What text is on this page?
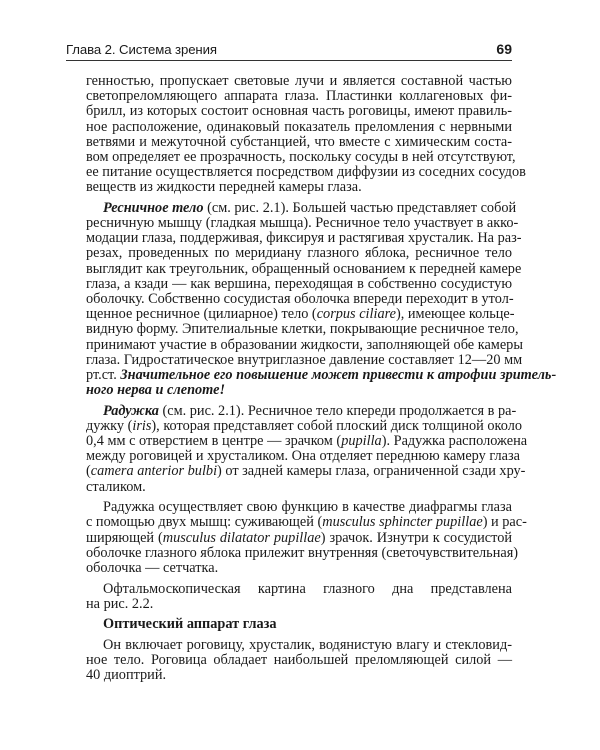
Глава 2. Система зрения	69
генностью, пропускает световые лучи и является составной частью
светопреломляющего аппарата глаза. Пластинки коллагеновых фи-
брилл, из которых состоит основная часть роговицы, имеют правиль-
ное расположение, одинаковый показатель преломления с нервными
ветвями и межуточной субстанцией, что вместе с химическим соста-
вом определяет ее прозрачность, поскольку сосуды в ней отсутствуют,
ее питание осуществляется посредством диффузии из соседних сосудов
веществ из жидкости передней камеры глаза.
Ресничное тело (см. рис. 2.1). Большей частью представляет собой
ресничную мышцу (гладкая мышца). Ресничное тело участвует в акко-
модации глаза, поддерживая, фиксируя и растягивая хрусталик. На раз-
резах, проведенных по меридиану глазного яблока, ресничное тело
выглядит как треугольник, обращенный основанием к передней камере
глаза, а кзади — как вершина, переходящая в собственно сосудистую
оболочку. Собственно сосудистая оболочка впереди переходит в утол-
щенное ресничное (цилиарное) тело (corpus ciliare), имеющее кольце-
видную форму. Эпителиальные клетки, покрывающие ресничное тело,
принимают участие в образовании жидкости, заполняющей обе камеры
глаза. Гидростатическое внутриглазное давление составляет 12—20 мм
рт.ст. Значительное его повышение может привести к атрофии зритель-
ного нерва и слепоте!
Радужка (см. рис. 2.1). Ресничное тело кпереди продолжается в ра-
дужку (iris), которая представляет собой плоский диск толщиной около
0,4 мм с отверстием в центре — зрачком (pupilla). Радужка расположена
между роговицей и хрусталиком. Она отделяет переднюю камеру глаза
(camera anterior bulbi) от задней камеры глаза, ограниченной сзади хру-
сталиком.
Радужка осуществляет свою функцию в качестве диафрагмы глаза
с помощью двух мышц: суживающей (musculus sphincter pupillae) и рас-
ширяющей (musculus dilatator pupillae) зрачок. Изнутри к сосудистой
оболочке глазного яблока прилежит внутренняя (светочувствительная)
оболочка — сетчатка.
Офтальмоскопическая картина глазного дна представлена
на рис. 2.2.
Оптический аппарат глаза
Он включает роговицу, хрусталик, водянистую влагу и стекловид-
ное тело. Роговица обладает наибольшей преломляющей силой —
40 диоптрий.
